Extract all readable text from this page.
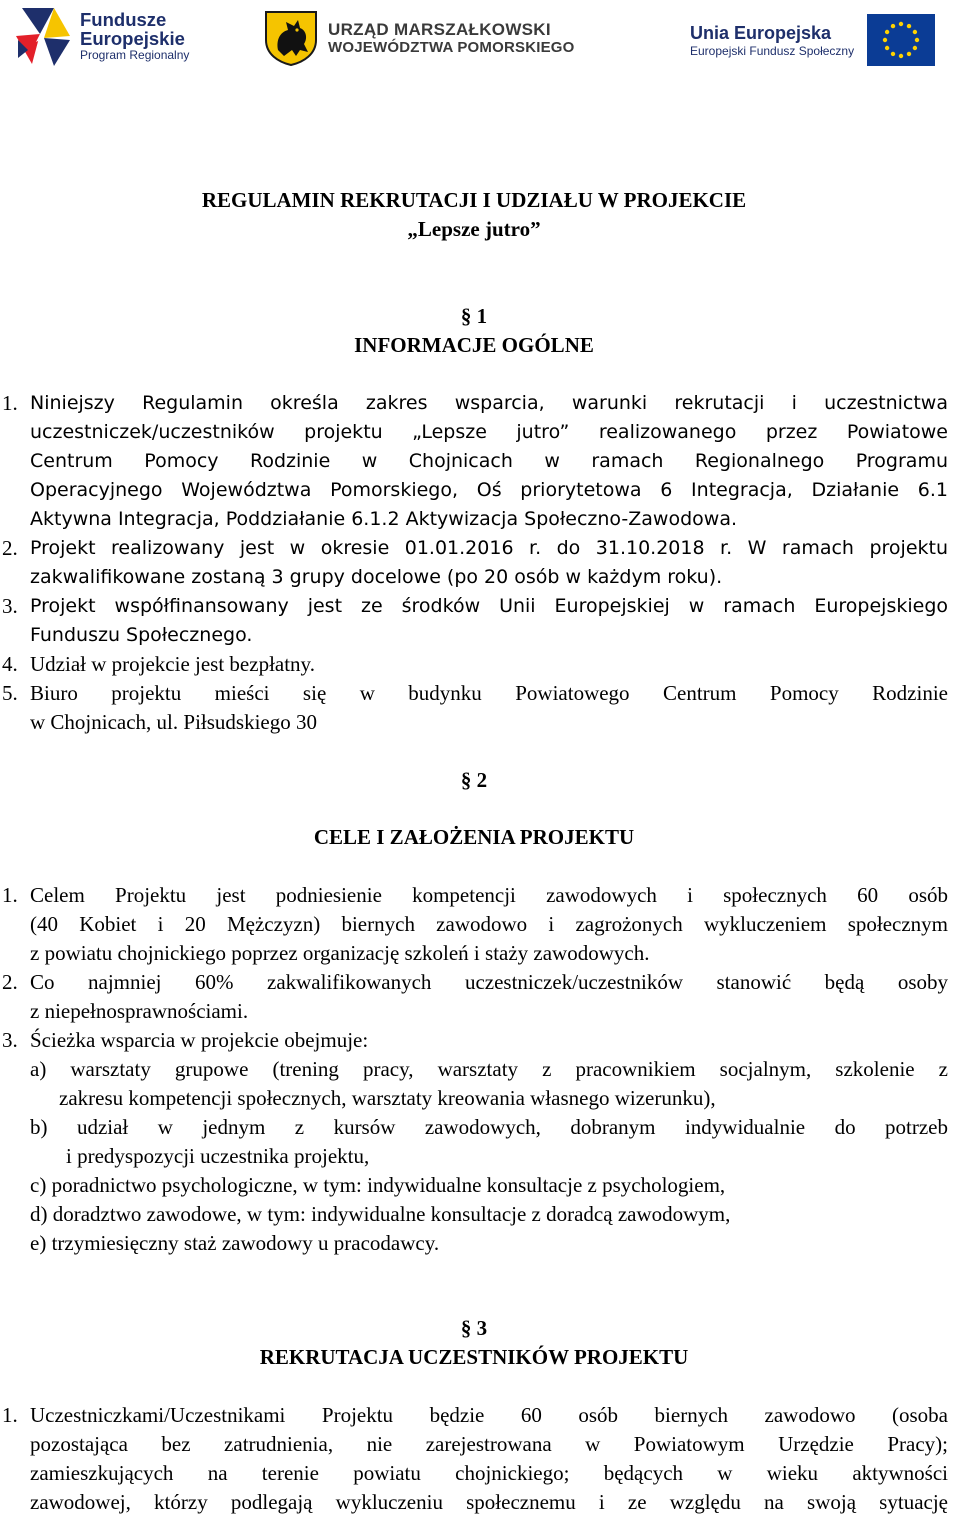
Fundusze
Europejskie
Program Regionalny
URZĄD MARSZAŁKOWSKI
WOJEWÓDZTWA POMORSKIEGO
Unia Europejska
Europejski Fundusz Społeczny
REGULAMIN REKRUTACJI I UDZIAŁU W PROJEKCIE
„Lepsze jutro”
§ 1
INFORMACJE OGÓLNE
1. Niniejszy Regulamin określa zakres wsparcia, warunki rekrutacji i uczestnictwa
uczestniczek/uczestników projektu „Lepsze jutro” realizowanego przez Powiatowe
Centrum Pomocy Rodzinie w Chojnicach w ramach Regionalnego Programu
Operacyjnego Województwa Pomorskiego, Oś priorytetowa 6 Integracja, Działanie 6.1
Aktywna Integracja, Poddziałanie 6.1.2 Aktywizacja Społeczno-Zawodowa.
2. Projekt realizowany jest w okresie 01.01.2016 r. do 31.10.2018 r. W ramach projektu
zakwalifikowane zostaną 3 grupy docelowe (po 20 osób w każdym roku).
3. Projekt współfinansowany jest ze środków Unii Europejskiej w ramach Europejskiego
Funduszu Społecznego.
4. Udział w projekcie jest bezpłatny.
5. Biuro projektu mieści się w budynku Powiatowego Centrum Pomocy Rodzinie
w Chojnicach, ul. Piłsudskiego 30
§ 2
CELE I ZAŁOŻENIA PROJEKTU
1. Celem Projektu jest podniesienie kompetencji zawodowych i społecznych 60 osób
(40 Kobiet i 20 Mężczyzn) biernych zawodowo i zagrożonych wykluczeniem społecznym
z powiatu chojnickiego poprzez organizację szkoleń i staży zawodowych.
2. Co najmniej 60% zakwalifikowanych uczestniczek/uczestników stanowić będą osoby
z niepełnosprawnościami.
3. Ścieżka wsparcia w projekcie obejmuje:
a) warsztaty grupowe (trening pracy, warsztaty z pracownikiem socjalnym, szkolenie z
zakresu kompetencji społecznych, warsztaty kreowania własnego wizerunku),
b) udział w jednym z kursów zawodowych, dobranym indywidualnie do potrzeb
i predyspozycji uczestnika projektu,
c) poradnictwo psychologiczne, w tym: indywidualne konsultacje z psychologiem,
d) doradztwo zawodowe, w tym: indywidualne konsultacje z doradcą zawodowym,
e) trzymiesięczny staż zawodowy u pracodawcy.
§ 3
REKRUTACJA UCZESTNIKÓW PROJEKTU
1. Uczestniczkami/Uczestnikami Projektu będzie 60 osób biernych zawodowo (osoba
pozostająca bez zatrudnienia, nie zarejestrowana w Powiatowym Urzędzie Pracy);
zamieszkujących na terenie powiatu chojnickiego; będących w wieku aktywności
zawodowej, którzy podlegają wykluczeniu społecznemu i ze względu na swoją sytuację
